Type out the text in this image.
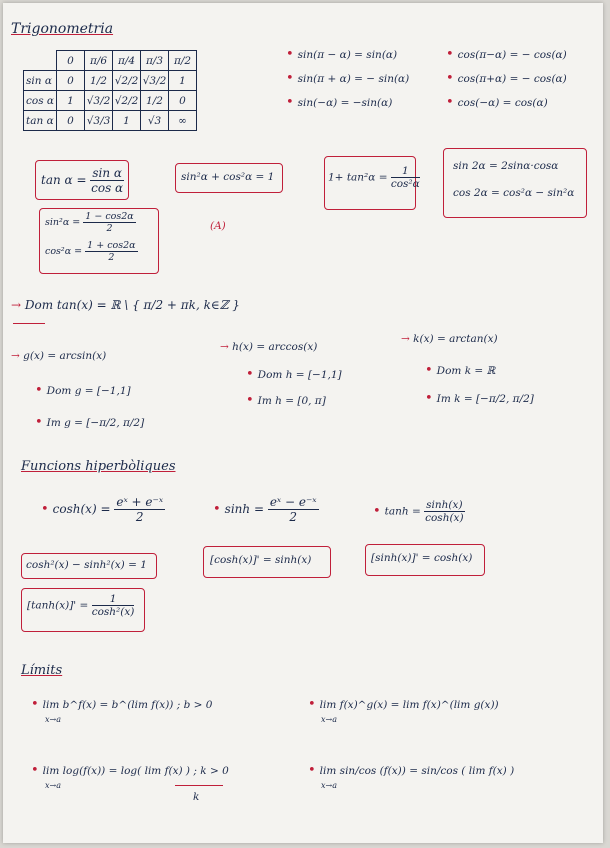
Trigonometria
	0	π/6	π/4	π/3	π/2
sin α	0	1/2	√2/2	√3/2	1
cos α	1	√3/2	√2/2	1/2	0
tan α	0	√3/3	1	√3	∞
• sin(π − α) = sin(α)
• sin(π + α) = − sin(α)
• sin(−α) = −sin(α)
• cos(π−α) = − cos(α)
• cos(π+α) = − cos(α)
• cos(−α) = cos(α)
$\tan \alpha = \frac{\text{sin α}}{\text{cos α}}$	sin²α + cos²α = 1	$1+ \tan^2\alpha = \frac{1}{\text{cos²α}}$	sin 2α = 2sinα·cosα
cos 2α = cos²α − sin²α
$\sin^2\alpha = \frac{1 - \cos 2\alpha}{2}$
$\cos^2\alpha = \frac{1 + \cos 2\alpha}{2}$
(A)
→ Dom tan(x) = ℝ \ { π/2 + πk, k∈ℤ }
→ g(x) = arcsin(x)
• Dom g = [−1,1]
• Im g = [−π/2, π/2]
→ h(x) = arccos(x)
• Dom h = [−1,1]
• Im h = [0, π]
→ k(x) = arctan(x)
• Dom k = ℝ
• Im k = [−π/2, π/2]
Funcions hiperbòliques
• $\cosh(x) = \frac{\text{eˣ + e⁻ˣ}}{2}$	• $\sinh = \frac{\text{eˣ − e⁻ˣ}}{2}$	• $\tanh = \frac{\sinh(x)}{\cosh(x)}$
cosh²(x) − sinh²(x) = 1	[cosh(x)]' = sinh(x)	[sinh(x)]' = cosh(x)
$[\tanh(x)]' = \frac{1}{\text{cosh²(x)}}$
Límits
• lim b^f(x) = b^(lim f(x)) ; b > 0
x→a
• lim f(x)^g(x) = lim f(x)^(lim g(x))
x→a
• lim log(f(x)) = log( lim f(x) ) ; k > 0
x→a
k
• lim sin/cos (f(x)) = sin/cos ( lim f(x) )
x→a
